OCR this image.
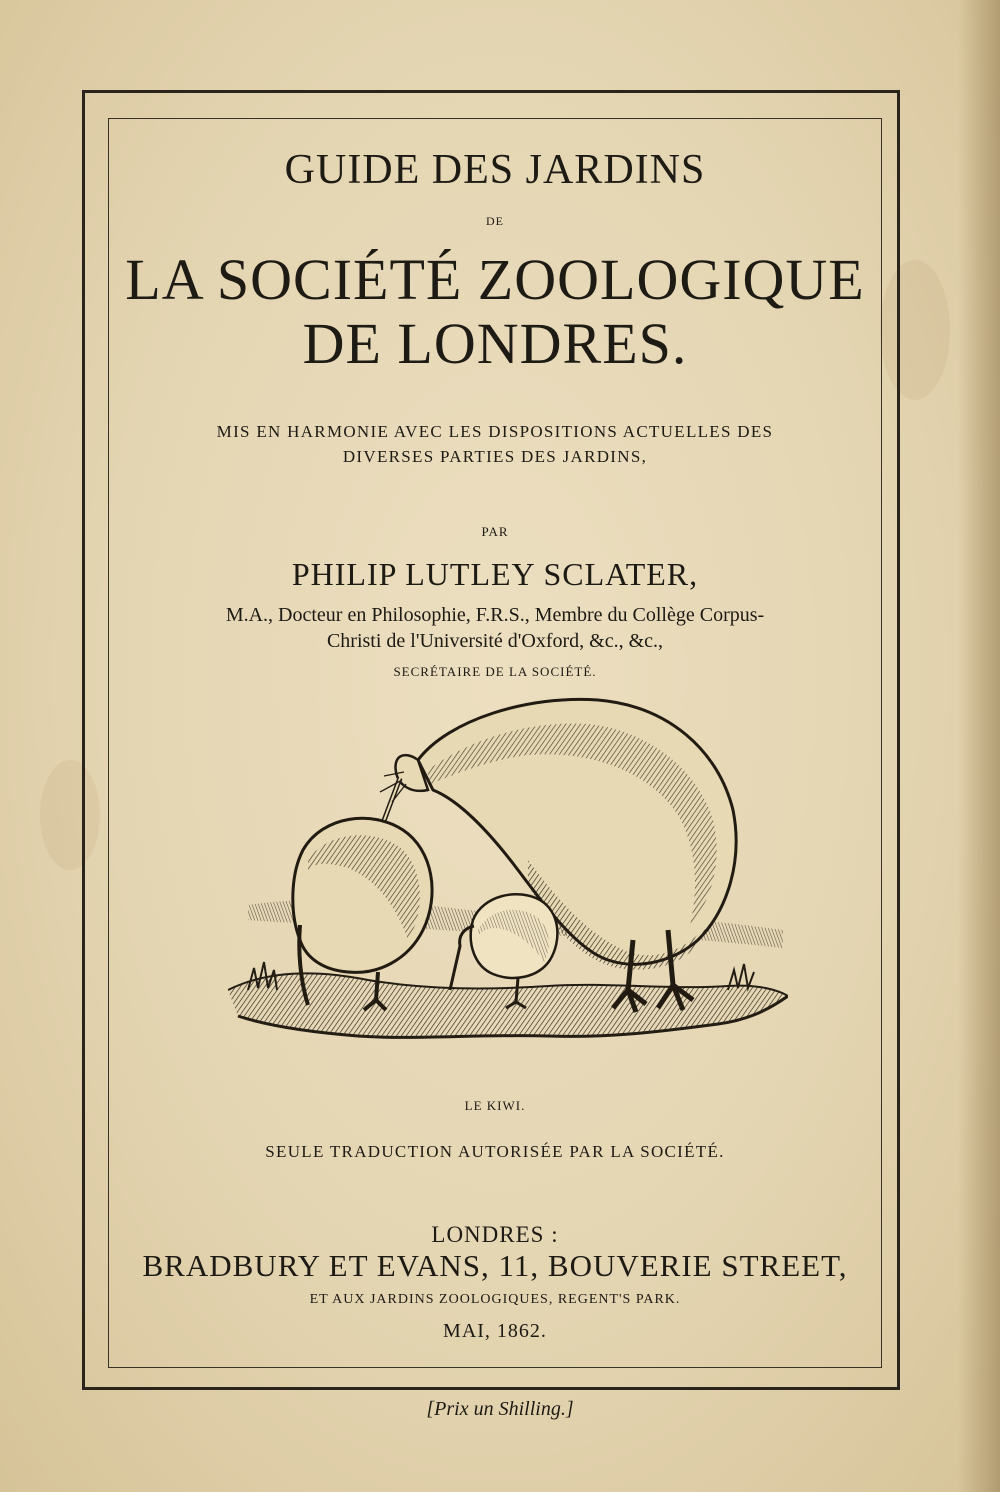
GUIDE DES JARDINS

DE

LA SOCIÉTÉ ZOOLOGIQUE

DE LONDRES.

MIS EN HARMONIE AVEC LES DISPOSITIONS ACTUELLES DES

DIVERSES PARTIES DES JARDINS,

PAR

PHILIP LUTLEY SCLATER,

M.A., Docteur en Philosophie, F.R.S., Membre du Collège Corpus-

Christi de l'Université d'Oxford, &c., &c.,

SECRÉTAIRE DE LA SOCIÉTÉ.

LE KIWI.

SEULE TRADUCTION AUTORISÉE PAR LA SOCIÉTÉ.

LONDRES :

BRADBURY ET EVANS, 11, BOUVERIE STREET,

ET AUX JARDINS ZOOLOGIQUES, REGENT'S PARK.

MAI, 1862.

[Prix un Shilling.]
